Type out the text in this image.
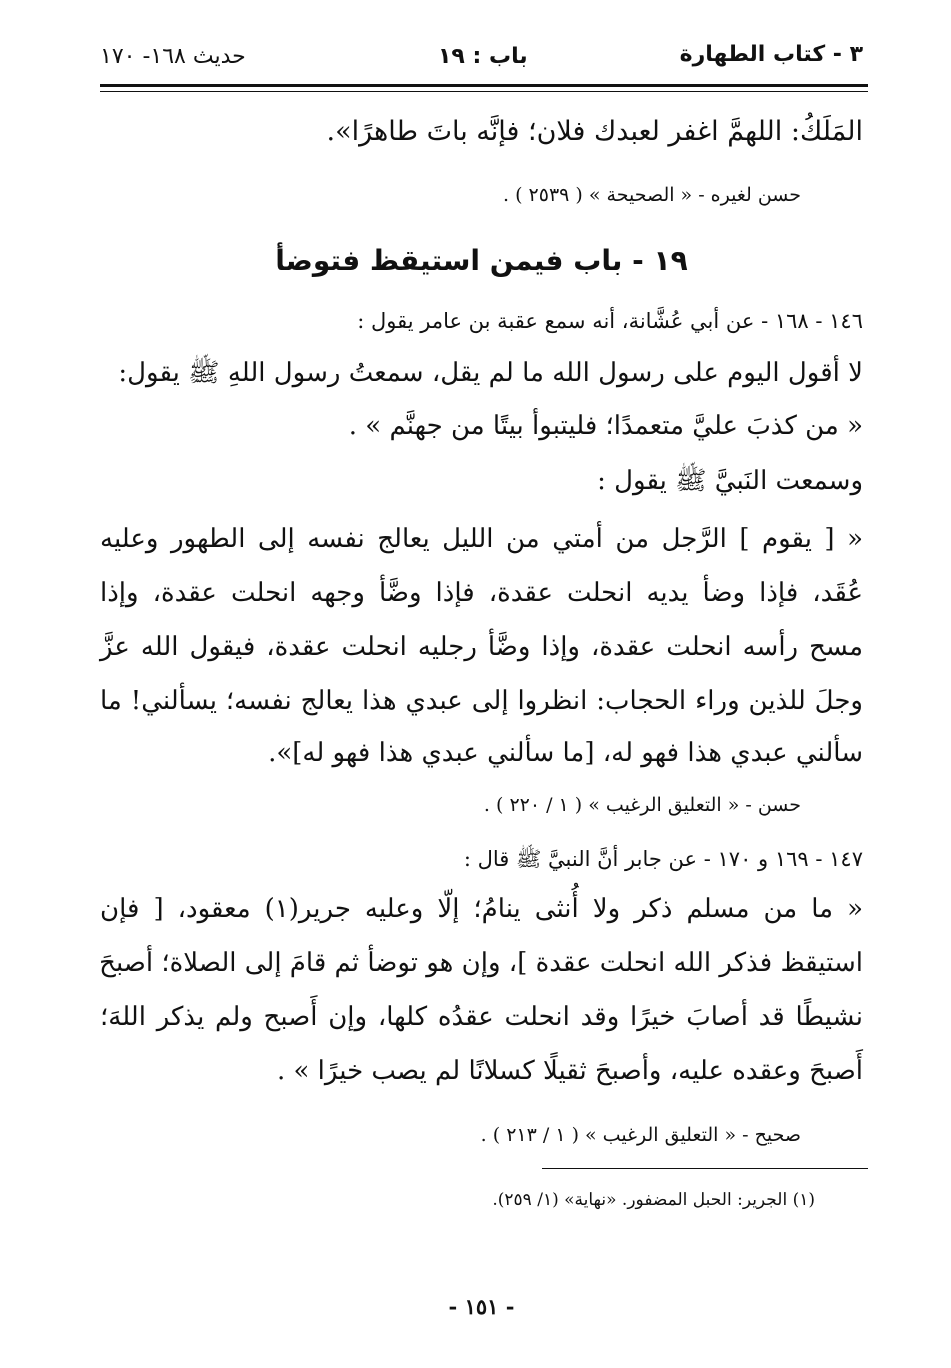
٣ - كتاب الطهارة
باب : ١٩
حديث ١٦٨- ١٧٠
المَلَكُ: اللهمَّ اغفر لعبدك فلان؛ فإنَّه باتَ طاهرًا».
حسن لغيره - « الصحيحة » ( ٢٥٣٩ ) .
١٩ - باب فيمن استيقظ فتوضأ
١٤٦ - ١٦٨ - عن أبي عُشَّانة، أنه سمع عقبة بن عامر يقول :
لا أقول اليوم على رسول الله ما لم يقل، سمعتُ رسول اللهِ ﷺ يقول:
« من كذبَ عليَّ متعمدًا؛ فليتبوأ بيتًا من جهنَّم » .
وسمعت النَبيَّ ﷺ يقول :
« [ يقوم ] الرَّجل من أمتي من الليل يعالج نفسه إلى الطهور وعليه
عُقَد، فإذا وضأ يديه انحلت عقدة، فإذا وضَّأ وجهه انحلت عقدة، وإذا
مسح رأسه انحلت عقدة، وإذا وضَّأ رجليه انحلت عقدة، فيقول الله عزَّ
وجلَ للذين وراء الحجاب: انظروا إلى عبدي هذا يعالج نفسه؛ يسألني! ما
سألني عبدي هذا فهو له، [ما سألني عبدي هذا فهو له]».
حسن - « التعليق الرغيب » ( ١ / ٢٢٠ ) .
١٤٧ - ١٦٩ و ١٧٠ - عن جابر أنَّ النبيَّ ﷺ قال :
« ما من مسلم ذكر ولا أُنثى ينامُ؛ إلّا وعليه جرير(١) معقود، [ فإن
استيقظ فذكر الله انحلت عقدة ]، وإن هو توضأ ثم قامَ إلى الصلاة؛ أصبحَ
نشيطًا قد أصابَ خيرًا وقد انحلت عقدُه كلها، وإن أَصبح ولم يذكر اللهَ؛
أَصبحَ وعقده عليه، وأصبحَ ثقيلًا كسلانًا لم يصب خيرًا » .
صحيح - « التعليق الرغيب » ( ١ / ٢١٣ ) .
(١) الجرير: الحبل المضفور. «نهاية» (١/ ٢٥٩).
- ١٥١ -
